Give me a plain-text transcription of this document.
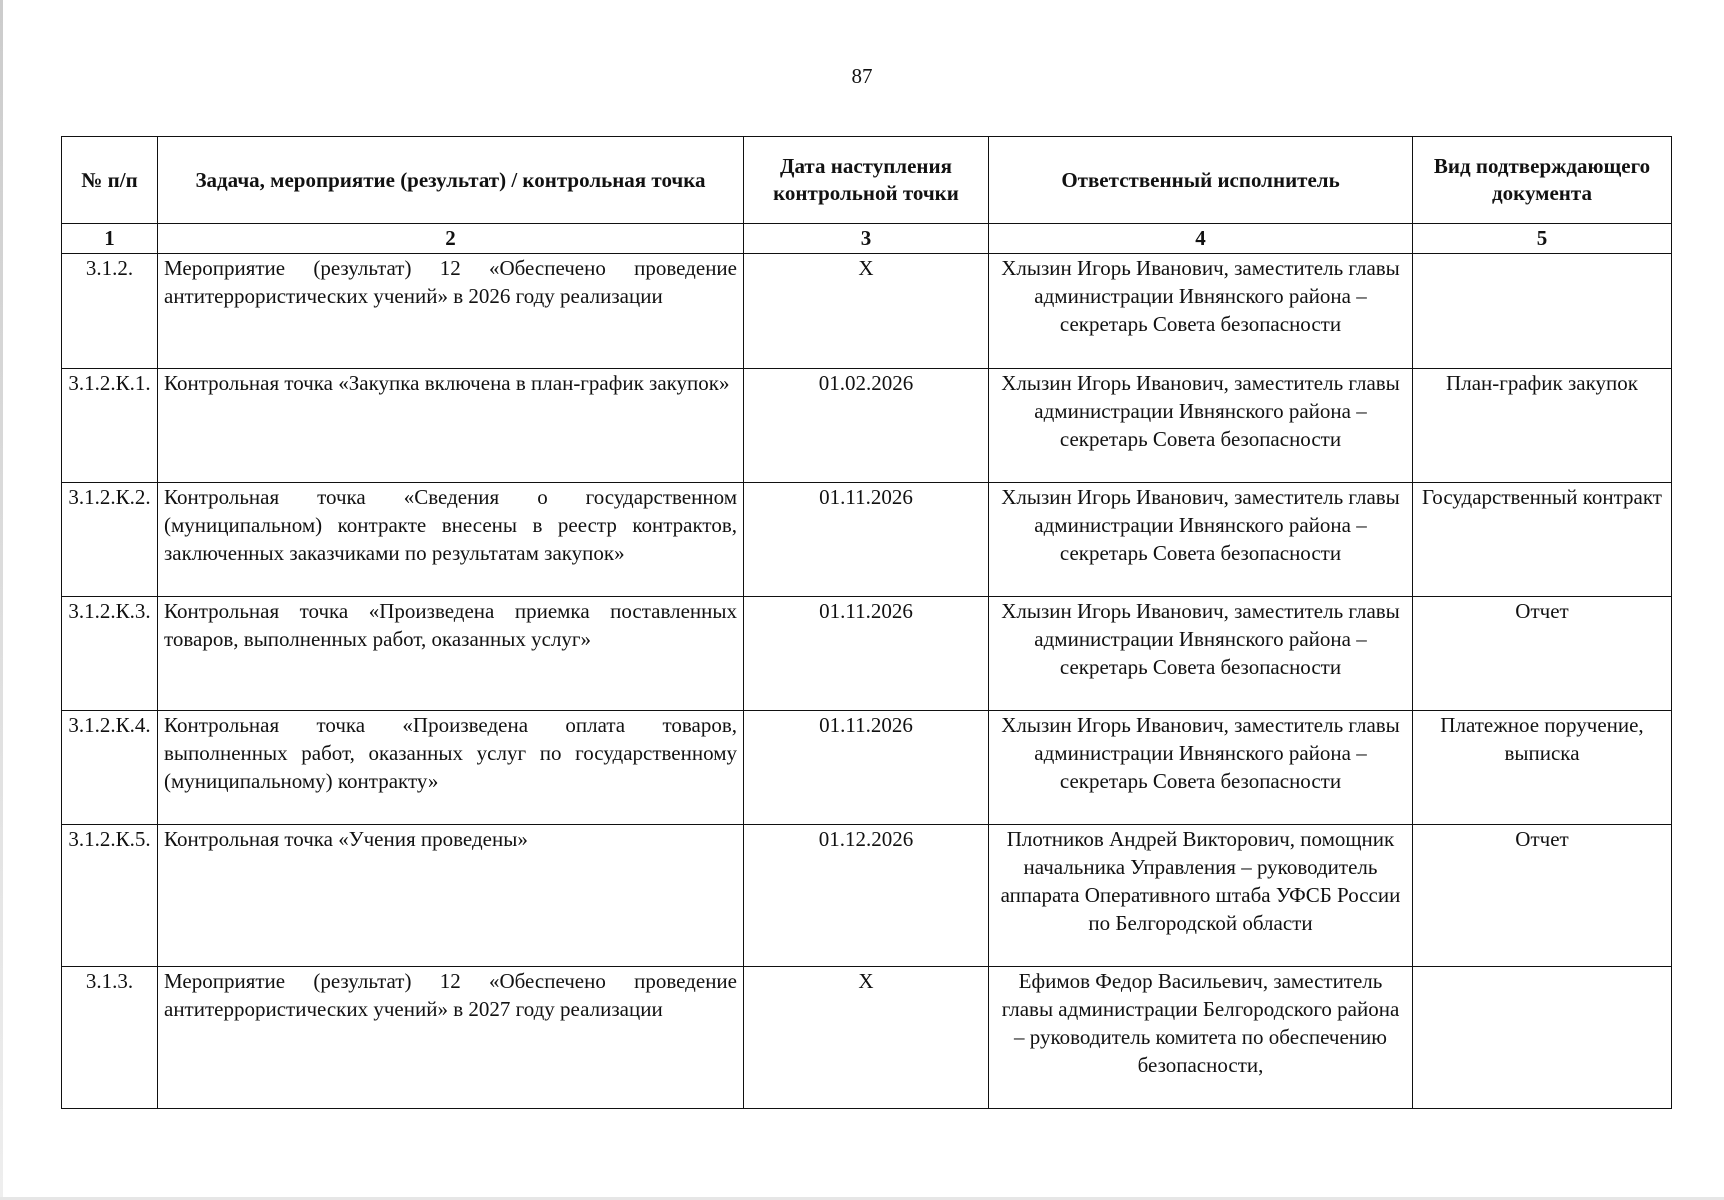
87
№ п/п	Задача, мероприятие (результат) / контрольная точка	Дата наступления контрольной точки	Ответственный исполнитель	Вид подтверждающего документа
1	2	3	4	5
3.1.2.	Мероприятие (результат) 12 «Обеспечено проведение антитеррористических учений» в 2026 году реализации	Х	Хлызин Игорь Иванович, заместитель главы администрации Ивнянского района – секретарь Совета безопасности	
3.1.2.К.1.	Контрольная точка «Закупка включена в план-график закупок»	01.02.2026	Хлызин Игорь Иванович, заместитель главы администрации Ивнянского района – секретарь Совета безопасности	План-график закупок
3.1.2.К.2.	Контрольная точка «Сведения о государственном (муниципальном) контракте внесены в реестр контрактов, заключенных заказчиками по результатам закупок»	01.11.2026	Хлызин Игорь Иванович, заместитель главы администрации Ивнянского района – секретарь Совета безопасности	Государственный контракт
3.1.2.К.3.	Контрольная точка «Произведена приемка поставленных товаров, выполненных работ, оказанных услуг»	01.11.2026	Хлызин Игорь Иванович, заместитель главы администрации Ивнянского района – секретарь Совета безопасности	Отчет
3.1.2.К.4.	Контрольная точка «Произведена оплата товаров, выполненных работ, оказанных услуг по государственному (муниципальному) контракту»	01.11.2026	Хлызин Игорь Иванович, заместитель главы администрации Ивнянского района – секретарь Совета безопасности	Платежное поручение, выписка
3.1.2.К.5.	Контрольная точка «Учения проведены»	01.12.2026	Плотников Андрей Викторович, помощник начальника Управления – руководитель аппарата Оперативного штаба УФСБ России по Белгородской области	Отчет
3.1.3.	Мероприятие (результат) 12 «Обеспечено проведение антитеррористических учений» в 2027 году реализации	Х	Ефимов Федор Васильевич, заместитель главы администрации Белгородского района – руководитель комитета по обеспечению безопасности,	
